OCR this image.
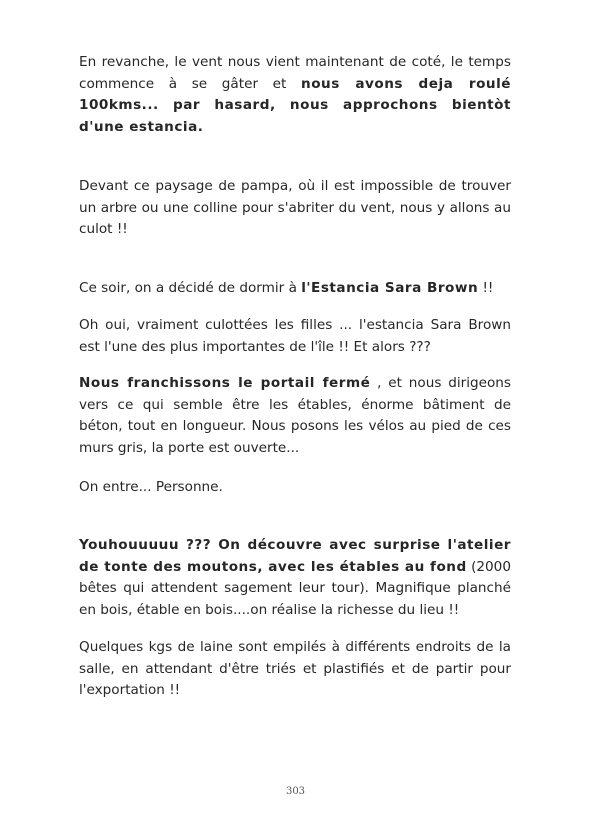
En revanche, le vent nous vient maintenant de coté, le temps commence à se gâter et nous avons deja roulé 100kms... par hasard, nous approchons bientòt d'une estancia.

Devant ce paysage de pampa, où il est impossible de trouver un arbre ou une colline pour s'abriter du vent, nous y allons au culot !!

Ce soir, on a décidé de dormir à l'Estancia Sara Brown !!

Oh oui, vraiment culottées les filles ... l'estancia Sara Brown est l'une des plus importantes de l'île !! Et alors ???

Nous franchissons le portail fermé , et nous dirigeons vers ce qui semble être les étables, énorme bâtiment de béton, tout en longueur. Nous posons les vélos au pied de ces murs gris, la porte est ouverte...

On entre... Personne.

Youhouuuuu ??? On découvre avec surprise l'atelier de tonte des moutons, avec les étables au fond (2000 bêtes qui attendent sagement leur tour). Magnifique planché en bois, étable en bois....on réalise la richesse du lieu !!

Quelques kgs de laine sont empilés à différents endroits de la salle, en attendant d'être triés et plastifiés et de partir pour l'exportation !!

303
